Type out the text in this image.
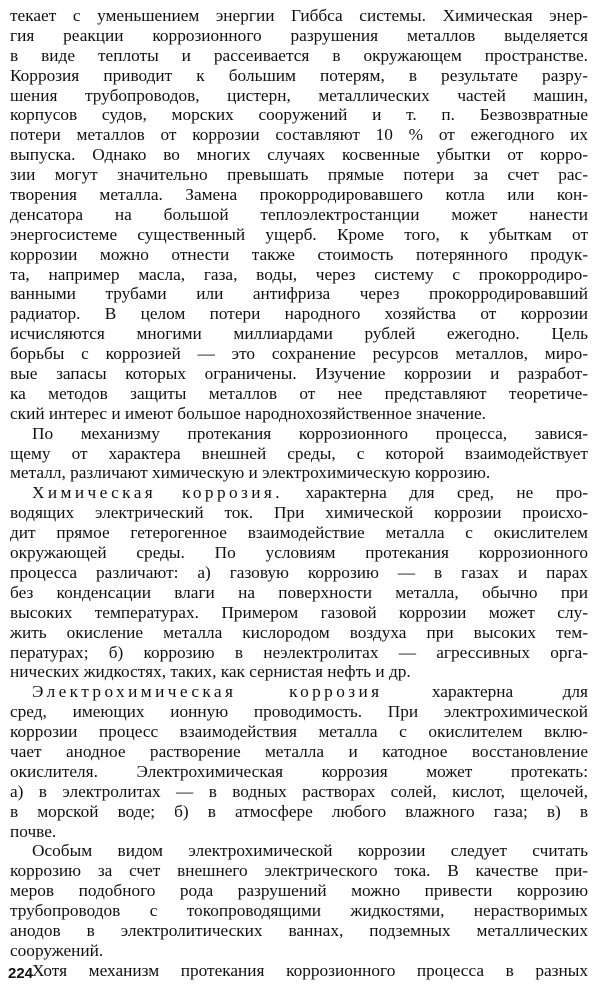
текает с уменьшением энергии Гиббса системы. Химическая энер-
гия реакции коррозионного разрушения металлов выделяется
в виде теплоты и рассеивается в окружающем пространстве.
Коррозия приводит к большим потерям, в результате разру-
шения трубопроводов, цистерн, металлических частей машин,
корпусов судов, морских сооружений и т. п. Безвозвратные
потери металлов от коррозии составляют 10 % от ежегодного их
выпуска. Однако во многих случаях косвенные убытки от корро-
зии могут значительно превышать прямые потери за счет рас-
творения металла. Замена прокорродировавшего котла или кон-
денсатора на большой теплоэлектростанции может нанести
энергосистеме существенный ущерб. Кроме того, к убыткам от
коррозии можно отнести также стоимость потерянного продук-
та, например масла, газа, воды, через систему с прокорродиро-
ванными трубами или антифриза через прокорродировавший
радиатор. В целом потери народного хозяйства от коррозии
исчисляются многими миллиардами рублей ежегодно. Цель
борьбы с коррозией — это сохранение ресурсов металлов, миро-
вые запасы которых ограничены. Изучение коррозии и разработ-
ка методов защиты металлов от нее представляют теоретиче-
ский интерес и имеют большое народнохозяйственное значение.
По механизму протекания коррозионного процесса, завися-
щему от характера внешней среды, с которой взаимодействует
металл, различают химическую и электрохимическую коррозию.
Химическая коррозия. характерна для сред, не про-
водящих электрический ток. При химической коррозии происхо-
дит прямое гетерогенное взаимодействие металла с окислителем
окружающей среды. По условиям протекания коррозионного
процесса различают: а) газовую коррозию — в газах и парах
без конденсации влаги на поверхности металла, обычно при
высоких температурах. Примером газовой коррозии может слу-
жить окисление металла кислородом воздуха при высоких тем-
пературах; б) коррозию в неэлектролитах — агрессивных орга-
нических жидкостях, таких, как сернистая нефть и др.
Электрохимическая коррозия характерна для
сред, имеющих ионную проводимость. При электрохимической
коррозии процесс взаимодействия металла с окислителем вклю-
чает анодное растворение металла и катодное восстановление
окислителя. Электрохимическая коррозия может протекать:
а) в электролитах — в водных растворах солей, кислот, щелочей,
в морской воде; б) в атмосфере любого влажного газа; в) в
почве.
Особым видом электрохимической коррозии следует считать
коррозию за счет внешнего электрического тока. В качестве при-
меров подобного рода разрушений можно привести коррозию
трубопроводов с токопроводящими жидкостями, нерастворимых
анодов в электролитических ваннах, подземных металлических
сооружений.
Хотя механизм протекания коррозионного процесса в разных
224
